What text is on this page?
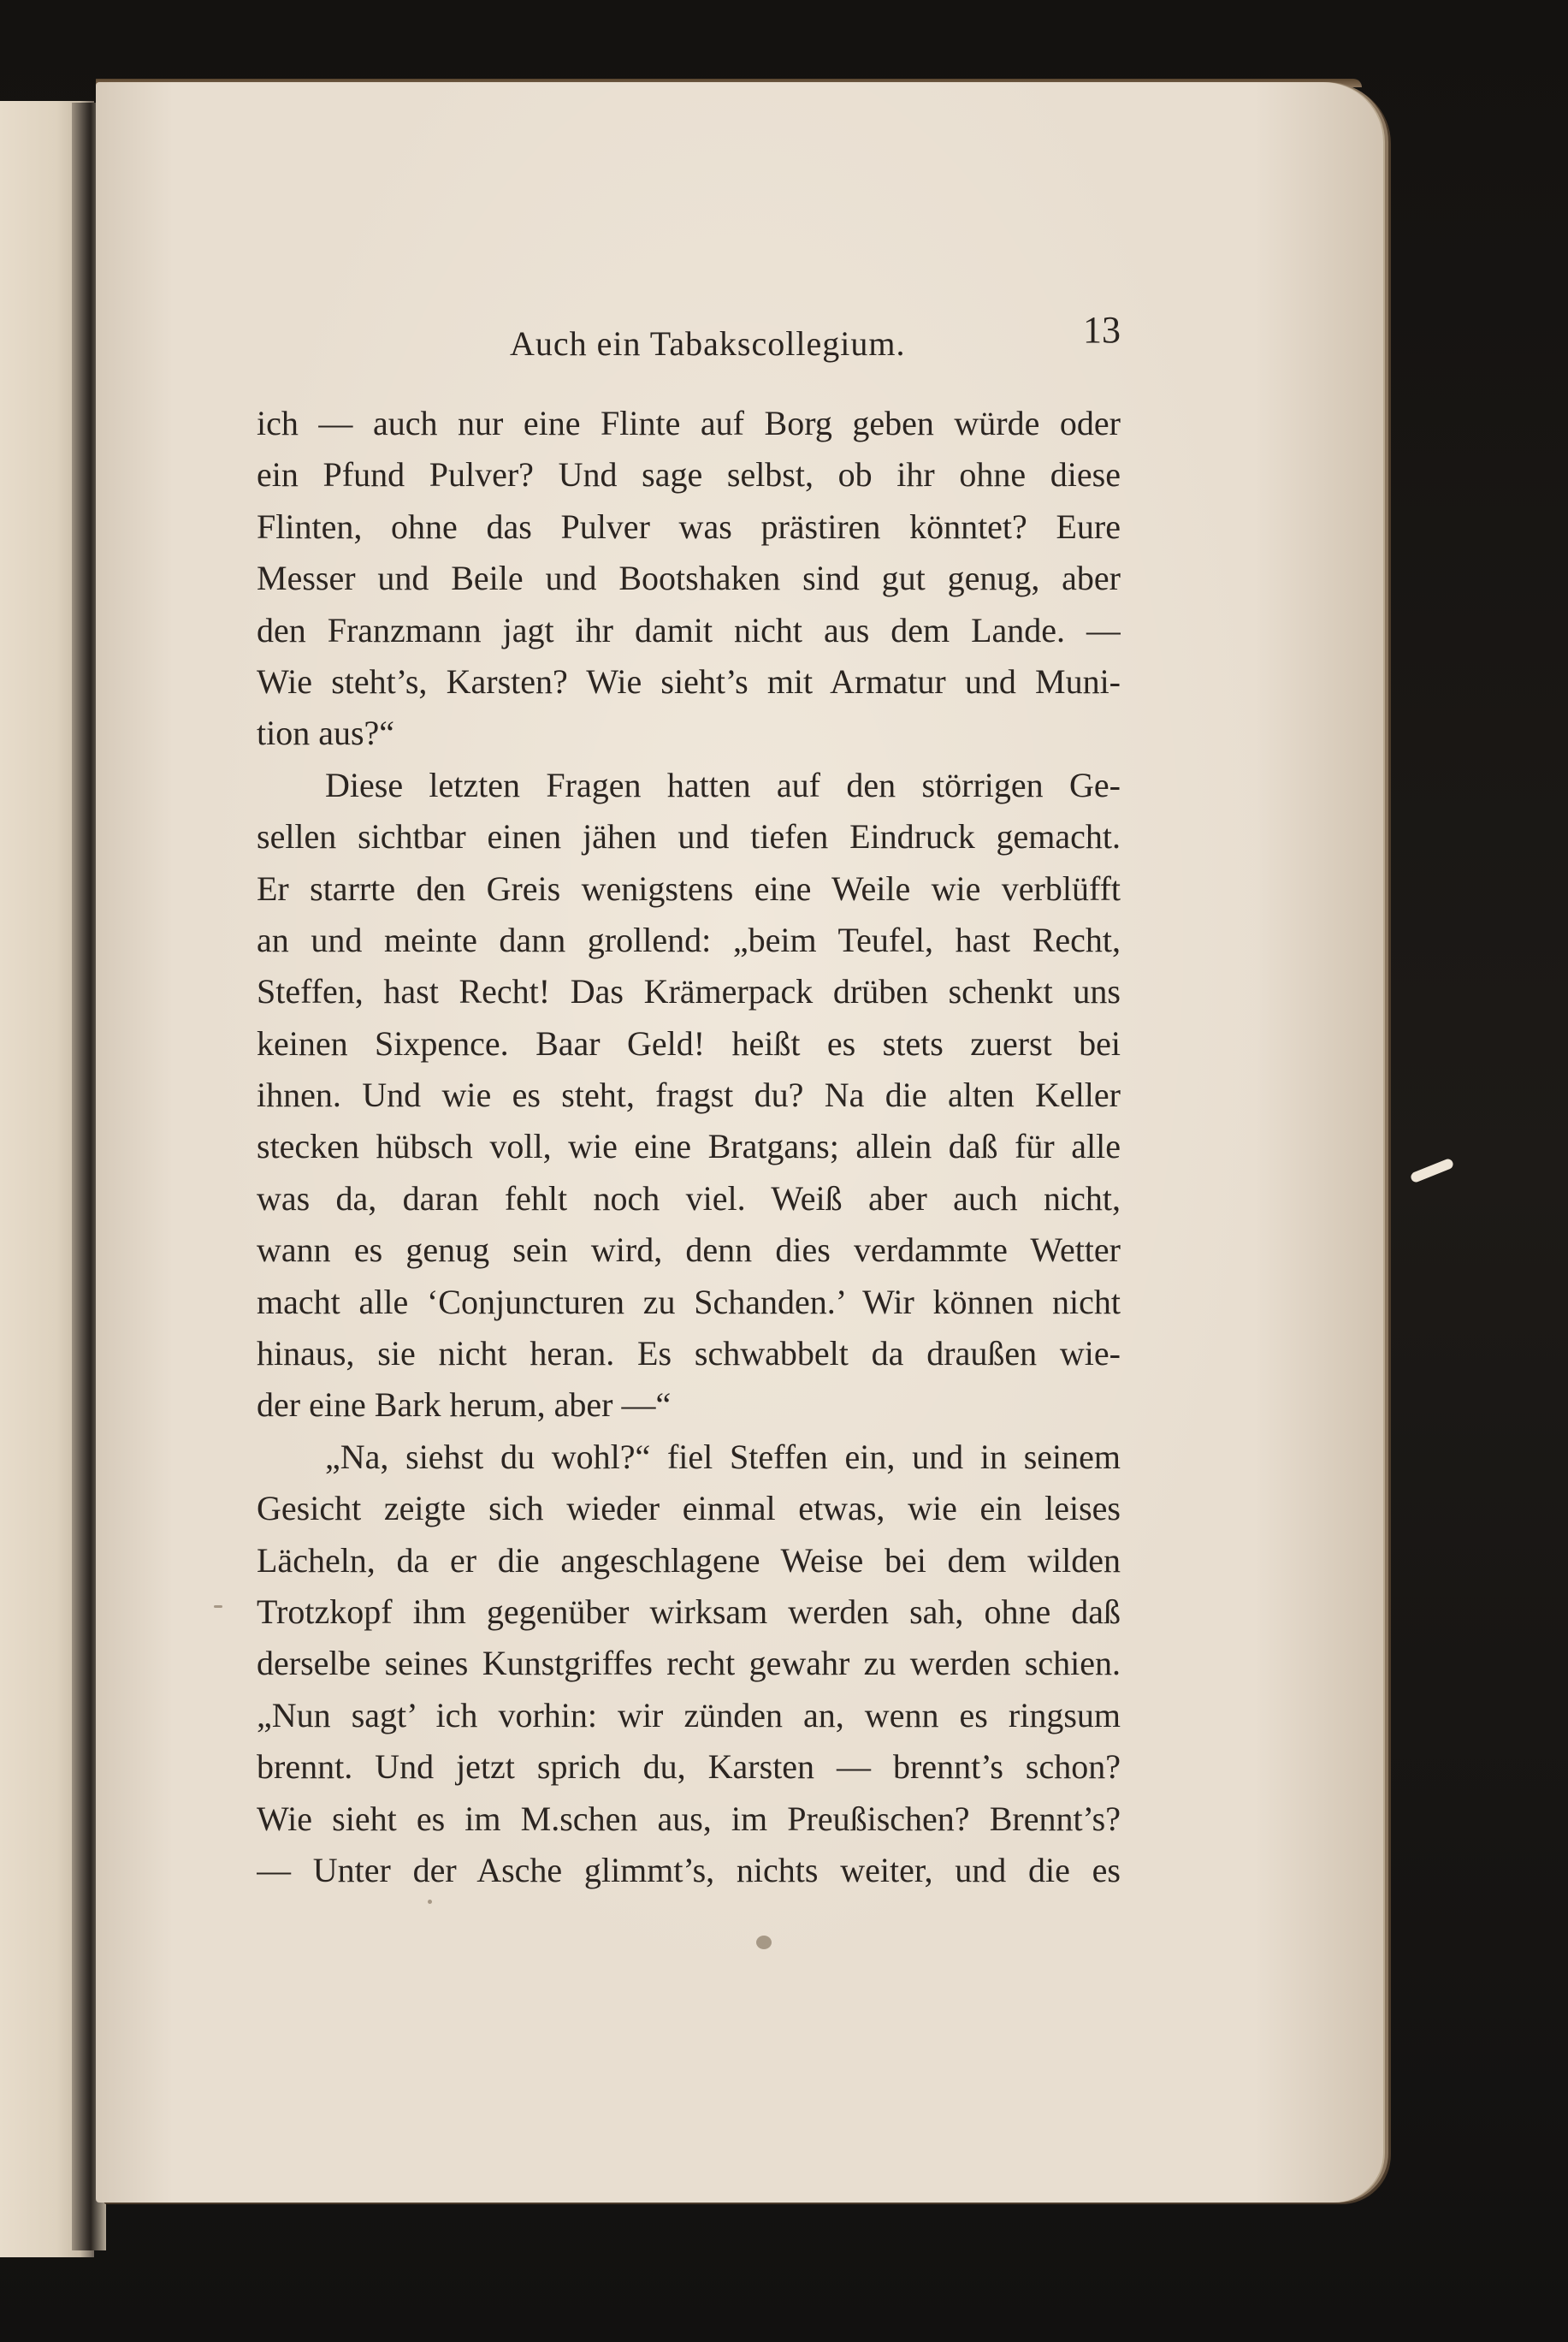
Auch ein Tabakscollegium.	13
ich — auch nur eine Flinte auf Borg geben würde oder
ein Pfund Pulver? Und sage selbst, ob ihr ohne diese
Flinten, ohne das Pulver was prästiren könntet? Eure
Messer und Beile und Bootshaken sind gut genug, aber
den Franzmann jagt ihr damit nicht aus dem Lande. —
Wie steht’s, Karsten? Wie sieht’s mit Armatur und Muni-
tion aus?“
Diese letzten Fragen hatten auf den störrigen Ge-
sellen sichtbar einen jähen und tiefen Eindruck gemacht.
Er starrte den Greis wenigstens eine Weile wie verblüfft
an und meinte dann grollend: „beim Teufel, hast Recht,
Steffen, hast Recht! Das Krämerpack drüben schenkt uns
keinen Sixpence. Baar Geld! heißt es stets zuerst bei
ihnen. Und wie es steht, fragst du? Na die alten Keller
stecken hübsch voll, wie eine Bratgans; allein daß für alle
was da, daran fehlt noch viel. Weiß aber auch nicht,
wann es genug sein wird, denn dies verdammte Wetter
macht alle ‘Conjuncturen zu Schanden.’ Wir können nicht
hinaus, sie nicht heran. Es schwabbelt da draußen wie-
der eine Bark herum, aber —“
„Na, siehst du wohl?“ fiel Steffen ein, und in seinem
Gesicht zeigte sich wieder einmal etwas, wie ein leises
Lächeln, da er die angeschlagene Weise bei dem wilden
Trotzkopf ihm gegenüber wirksam werden sah, ohne daß
derselbe seines Kunstgriffes recht gewahr zu werden schien.
„Nun sagt’ ich vorhin: wir zünden an, wenn es ringsum
brennt. Und jetzt sprich du, Karsten — brennt’s schon?
Wie sieht es im M.schen aus, im Preußischen? Brennt’s?
— Unter der Asche glimmt’s, nichts weiter, und die es
